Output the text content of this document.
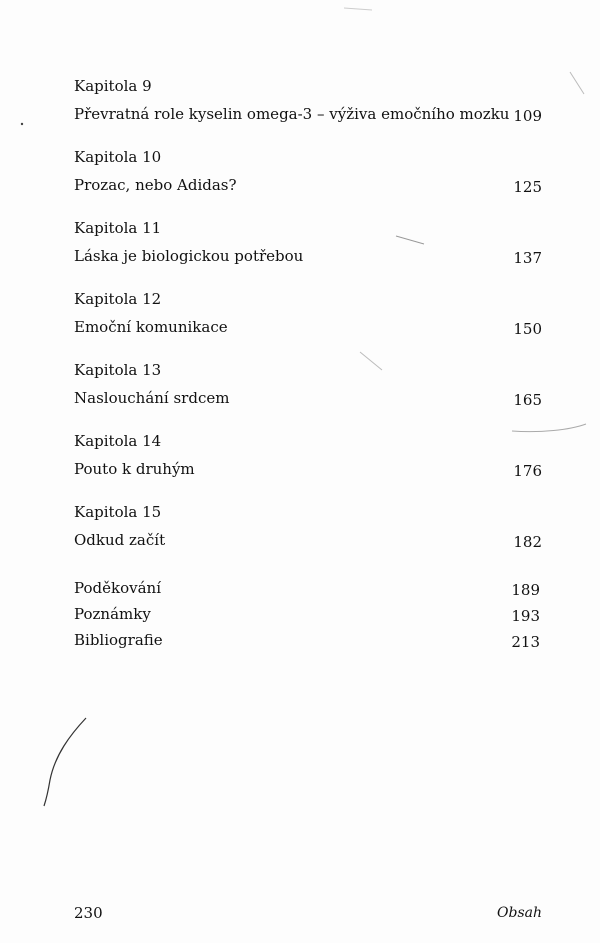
Kapitola 9
Převratná role kyselin omega-3 – výživa emočního mozku 109
Kapitola 10
Prozac, nebo Adidas?	125
Kapitola 11
Láska je biologickou potřebou	137
Kapitola 12
Emoční komunikace	150
Kapitola 13
Naslouchání srdcem	165
Kapitola 14
Pouto k druhým	176
Kapitola 15
Odkud začít	182
Poděkování	189
Poznámky	193
Bibliografie	213
230	Obsah
